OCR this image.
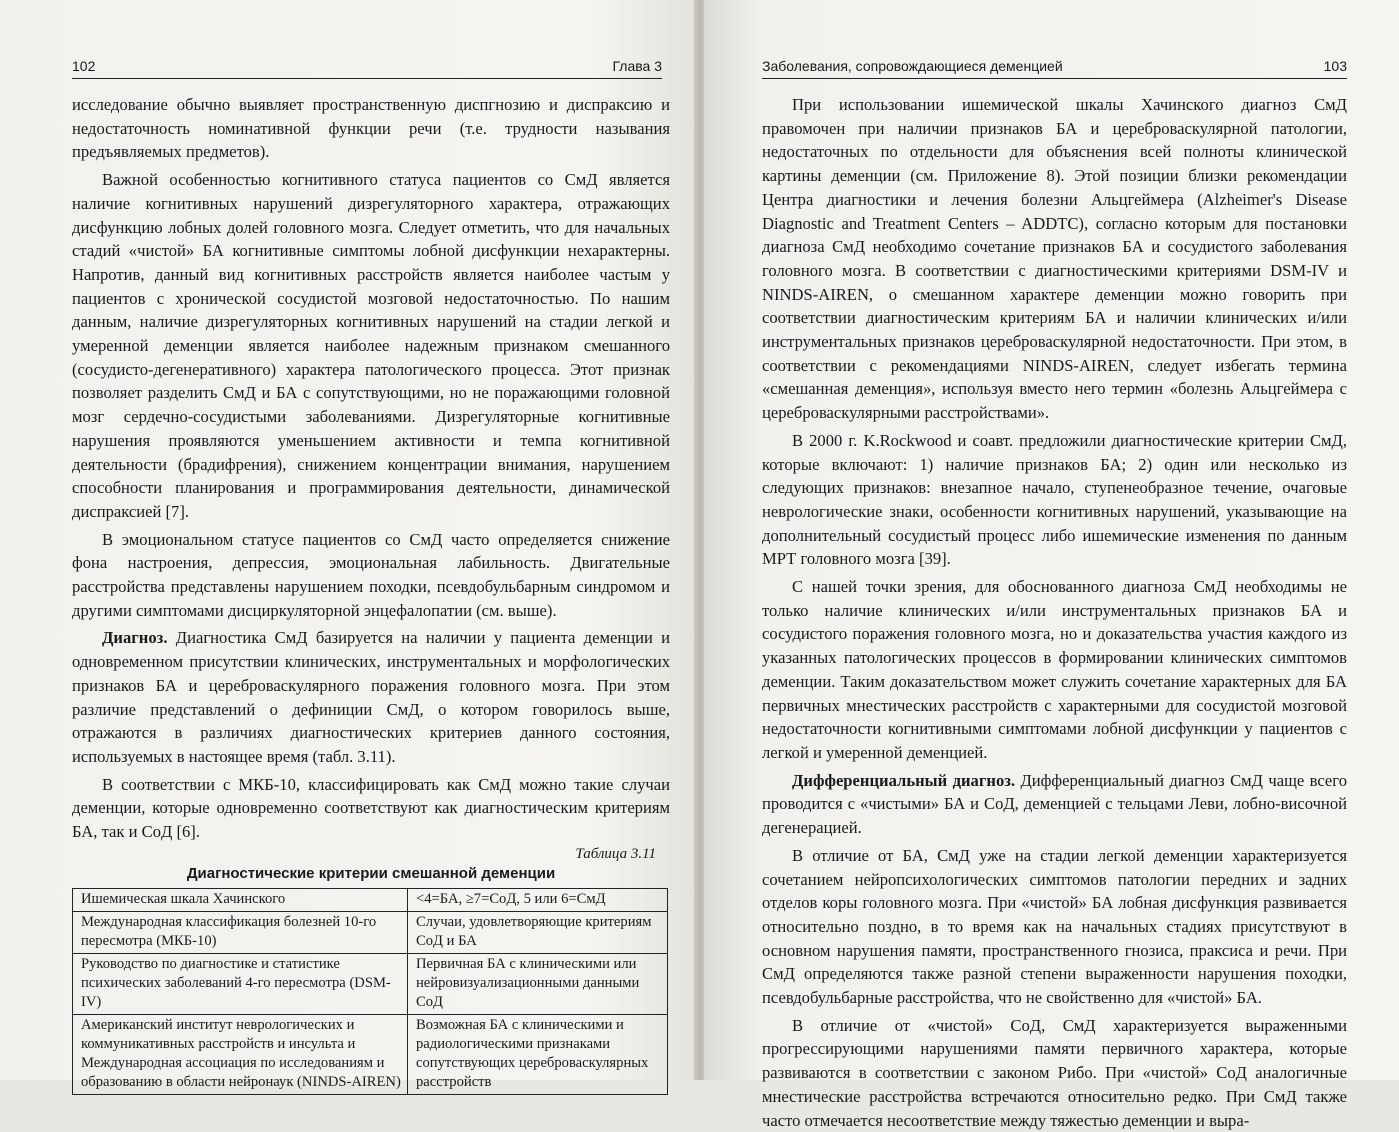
102	Глава 3

исследование обычно выявляет пространственную диспгнозию и диспраксию и недостаточность номинативной функции речи (т.е. трудности называния предъявляемых предметов).

Важной особенностью когнитивного статуса пациентов со СмД является наличие когнитивных нарушений дизрегуляторного характера, отражающих дисфункцию лобных долей головного мозга. Следует отметить, что для начальных стадий «чистой» БА когнитивные симптомы лобной дисфункции нехарактерны. Напротив, данный вид когнитивных расстройств является наиболее частым у пациентов с хронической сосудистой мозговой недостаточностью. По нашим данным, наличие дизрегуляторных когнитивных нарушений на стадии легкой и умеренной деменции является наиболее надежным признаком смешанного (сосудисто-дегенеративного) характера патологического процесса. Этот признак позволяет разделить СмД и БА с сопутствующими, но не поражающими головной мозг сердечно-сосудистыми заболеваниями. Дизрегуляторные когнитивные нарушения проявляются уменьшением активности и темпа когнитивной деятельности (брадифрения), снижением концентрации внимания, нарушением способности планирования и программирования деятельности, динамической диспраксией [7].

В эмоциональном статусе пациентов со СмД часто определяется снижение фона настроения, депрессия, эмоциональная лабильность. Двигательные расстройства представлены нарушением походки, псевдобульбарным синдромом и другими симптомами дисциркуляторной энцефалопатии (см. выше).

Диагноз. Диагностика СмД базируется на наличии у пациента деменции и одновременном присутствии клинических, инструментальных и морфологических признаков БА и цереброваскулярного поражения головного мозга. При этом различие представлений о дефиниции СмД, о котором говорилось выше, отражаются в различиях диагностических критериев данного состояния, используемых в настоящее время (табл. 3.11).

В соответствии с МКБ-10, классифицировать как СмД можно такие случаи деменции, которые одновременно соответствуют как диагностическим критериям БА, так и СоД [6].

Таблица 3.11
Диагностические критерии смешанной деменции
Ишемическая шкала Хачинского	<4=БА, ≥7=СоД, 5 или 6=СмД
Международная классификация болезней 10-го пересмотра (МКБ-10)	Случаи, удовлетворяющие критериям СоД и БА
Руководство по диагностике и статистике психических заболеваний 4-го пересмотра (DSM-IV)	Первичная БА с клиническими или нейровизуализационными данными СоД
Американский институт неврологических и коммуникативных расстройств и инсульта и Международная ассоциация по исследованиям и образованию в области нейронаук (NINDS-AIREN)	Возможная БА с клиническими и радиологическими признаками сопутствующих цереброваскулярных расстройств
Заболевания, сопровождающиеся деменцией	103

При использовании ишемической шкалы Хачинского диагноз СмД правомочен при наличии признаков БА и цереброваскулярной патологии, недостаточных по отдельности для объяснения всей полноты клинической картины деменции (см. Приложение 8). Этой позиции близки рекомендации Центра диагностики и лечения болезни Альцгеймера (Alzheimer's Disease Diagnostic and Treatment Centers – ADDTC), согласно которым для постановки диагноза СмД необходимо сочетание признаков БА и сосудистого заболевания головного мозга. В соответствии с диагностическими критериями DSM-IV и NINDS-AIREN, о смешанном характере деменции можно говорить при соответствии диагностическим критериям БА и наличии клинических и/или инструментальных признаков цереброваскулярной недостаточности. При этом, в соответствии с рекомендациями NINDS-AIREN, следует избегать термина «смешанная деменция», используя вместо него термин «болезнь Альцгеймера с цереброваскулярными расстройствами».

В 2000 г. K.Rockwood и соавт. предложили диагностические критерии СмД, которые включают: 1) наличие признаков БА; 2) один или несколько из следующих признаков: внезапное начало, ступенеобразное течение, очаговые неврологические знаки, особенности когнитивных нарушений, указывающие на дополнительный сосудистый процесс либо ишемические изменения по данным МРТ головного мозга [39].

С нашей точки зрения, для обоснованного диагноза СмД необходимы не только наличие клинических и/или инструментальных признаков БА и сосудистого поражения головного мозга, но и доказательства участия каждого из указанных патологических процессов в формировании клинических симптомов деменции. Таким доказательством может служить сочетание характерных для БА первичных мнестических расстройств с характерными для сосудистой мозговой недостаточности когнитивными симптомами лобной дисфункции у пациентов с легкой и умеренной деменцией.

Дифференциальный диагноз. Дифференциальный диагноз СмД чаще всего проводится с «чистыми» БА и СоД, деменцией с тельцами Леви, лобно-височной дегенерацией.

В отличие от БА, СмД уже на стадии легкой деменции характеризуется сочетанием нейропсихологических симптомов патологии передних и задних отделов коры головного мозга. При «чистой» БА лобная дисфункция развивается относительно поздно, в то время как на начальных стадиях присутствуют в основном нарушения памяти, пространственного гнозиса, праксиса и речи. При СмД определяются также разной степени выраженности нарушения походки, псевдобульбарные расстройства, что не свойственно для «чистой» БА.

В отличие от «чистой» СоД, СмД характеризуется выраженными прогрессирующими нарушениями памяти первичного характера, которые развиваются в соответствии с законом Рибо. При «чистой» СоД аналогичные мнестические расстройства встречаются относительно редко. При СмД также часто отмечается несоответствие между тяжестью деменции и выра-
